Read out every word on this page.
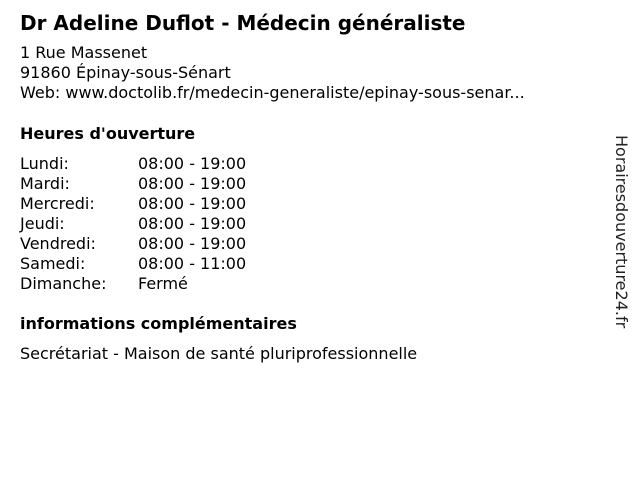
Dr Adeline Duflot - Médecin généraliste
1 Rue Massenet
91860 Épinay-sous-Sénart
Web: www.doctolib.fr/medecin-generaliste/epinay-sous-senar...
Heures d'ouverture
Lundi:	08:00 - 19:00
Mardi:	08:00 - 19:00
Mercredi:	08:00 - 19:00
Jeudi:	08:00 - 19:00
Vendredi:	08:00 - 19:00
Samedi:	08:00 - 11:00
Dimanche: Fermé
informations complémentaires
Secrétariat - Maison de santé pluriprofessionnelle
Horairesdouverture24.fr
